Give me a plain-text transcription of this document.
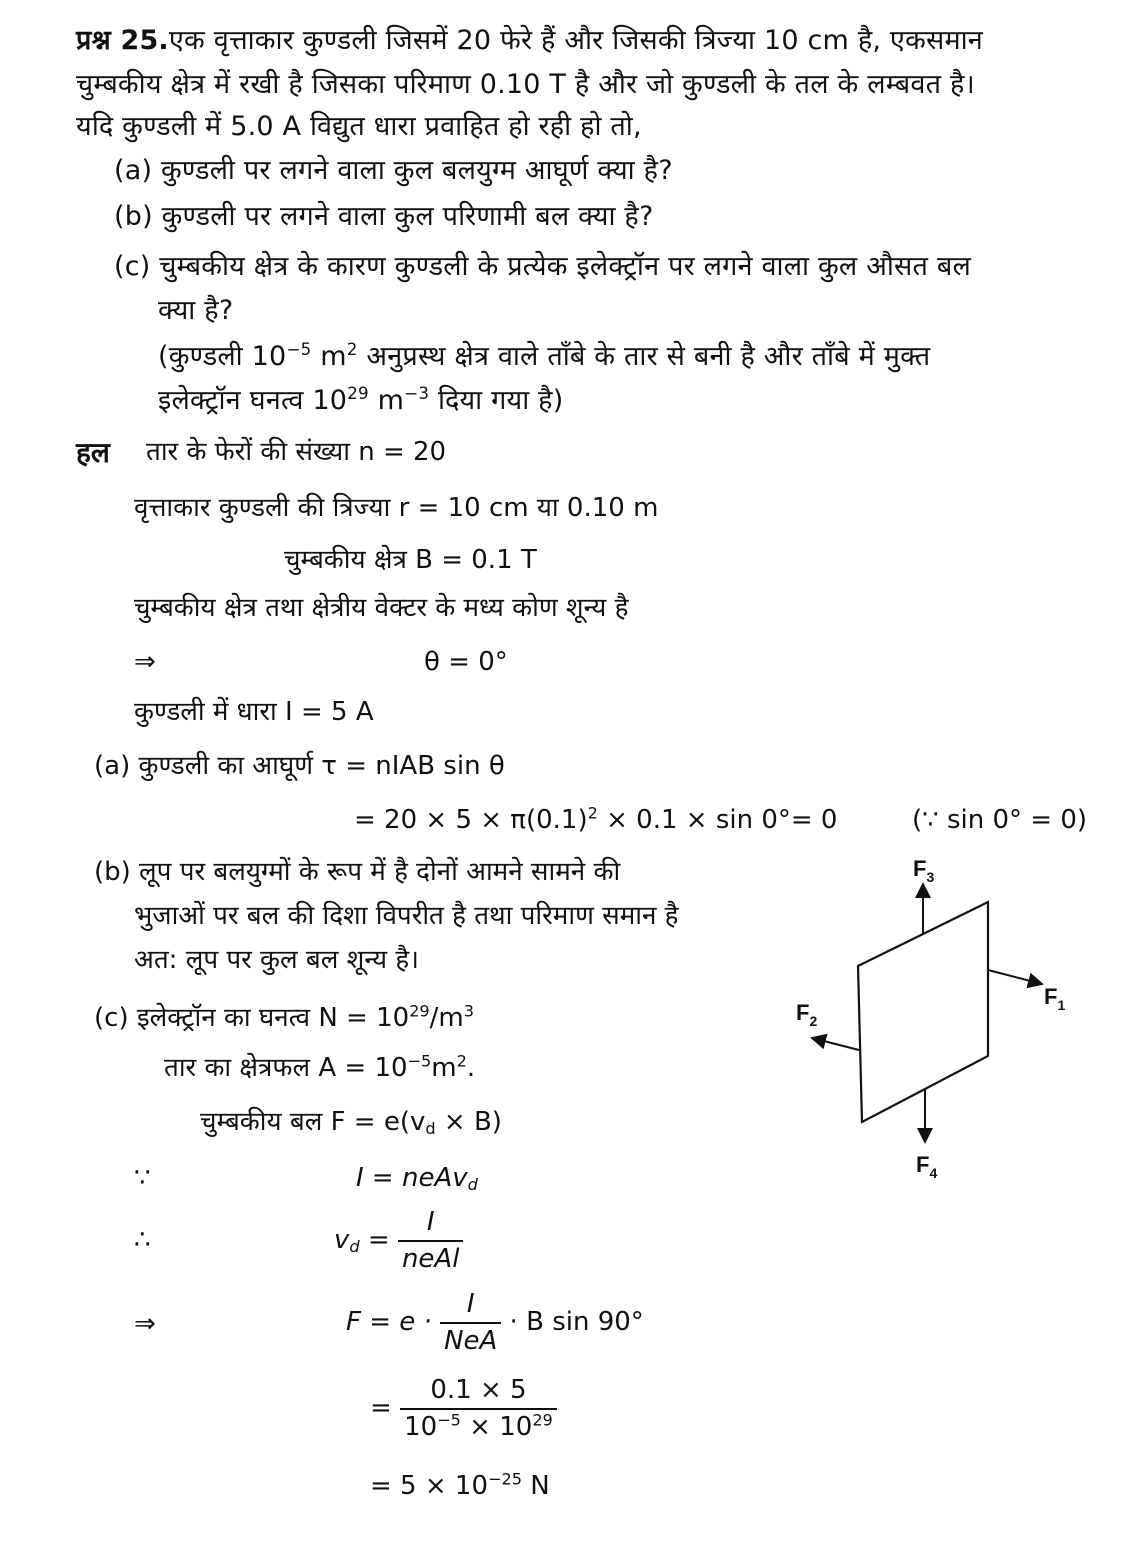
प्रश्न 25.एक वृत्ताकार कुण्डली जिसमें 20 फेरे हैं और जिसकी त्रिज्या 10 cm है, एकसमान
चुम्बकीय क्षेत्र में रखी है जिसका परिमाण 0.10 T है और जो कुण्डली के तल के लम्बवत है।
यदि कुण्डली में 5.0 A विद्युत धारा प्रवाहित हो रही हो तो,
(a) कुण्डली पर लगने वाला कुल बलयुग्म आघूर्ण क्या है?
(b) कुण्डली पर लगने वाला कुल परिणामी बल क्या है?
(c) चुम्बकीय क्षेत्र के कारण कुण्डली के प्रत्येक इलेक्ट्रॉन पर लगने वाला कुल औसत बल
क्या है?
(कुण्डली $10^{-5}$ $m^2$ अनुप्रस्थ क्षेत्र वाले ताँबे के तार से बनी है और ताँबे में मुक्त
इलेक्ट्रॉन घनत्व $10^{29}$ $m^{-3}$ दिया गया है)
हल तार के फेरों की संख्या n = 20
वृत्ताकार कुण्डली की त्रिज्या r = 10 cm या 0.10 m
चुम्बकीय क्षेत्र B = 0.1 T
चुम्बकीय क्षेत्र तथा क्षेत्रीय वेक्टर के मध्य कोण शून्य है
⇒	θ = 0°
कुण्डली में धारा I = 5 A
(a) कुण्डली का आघूर्ण τ = nIAB sin θ
= $20 \times 5 \times \pi(0.1)^2 \times 0.1 \times \sin 0^\circ= 0$	(∵ sin 0° = 0)
(b) लूप पर बलयुग्मों के रूप में है दोनों आमने सामने की
भुजाओं पर बल की दिशा विपरीत है तथा परिमाण समान है
अत: लूप पर कुल बल शून्य है।
(c) इलेक्ट्रॉन का घनत्व $N = 10^{29}/m^3$
तार का क्षेत्रफल $A = 10^{-5}m^2$.
चुम्बकीय बल $F = e(v_d \times B)$
∵	I = neAv$_d$
∴	$v_d = \frac{I}{\text{neAl}}$
⇒	$F = e \cdot \frac{I}{\text{NeA}} \cdot B$ sin 90°
= $\frac{0.1 \times 5}{10^{-5} \times 10^{29}}$
= $5 \times 10^{-25}$ N
$F_3$
$F_1$
$F_2$
$F_4$
